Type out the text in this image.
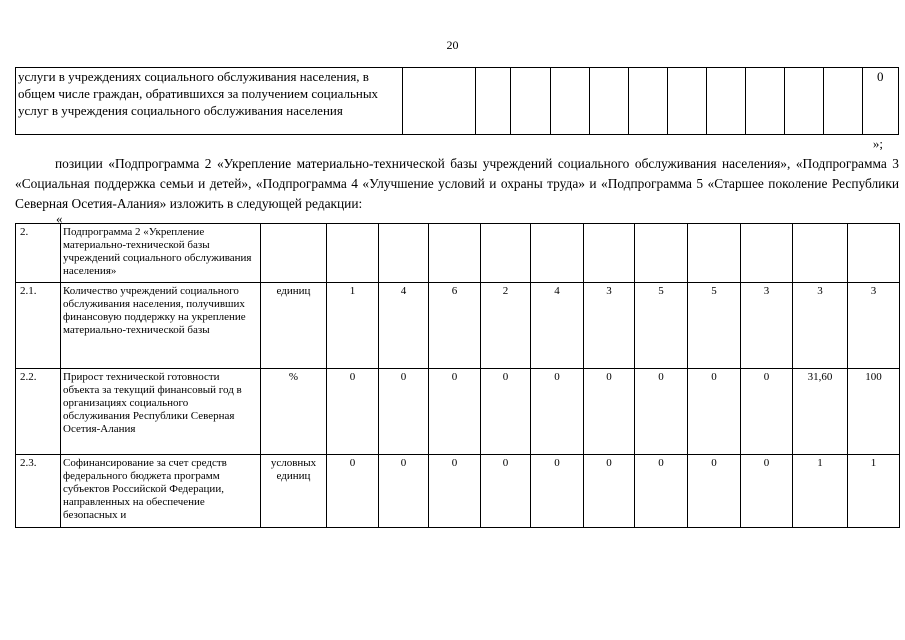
20
услуги в учреждениях социального обслуживания населения, в общем числе граждан, обратившихся за получением социальных услуг в учреждения социального обслуживания населения												0
»;
позиции «Подпрограмма 2 «Укрепление материально-технической базы учреждений социального обслуживания населения», «Подпрограмма 3 «Социальная поддержка семьи и детей», «Подпрограмма 4 «Улучшение условий и охраны труда» и «Подпрограмма 5 «Старшее поколение Республики Северная Осетия-Алания» изложить в следующей редакции:
«
2.	Подпрограмма 2 «Укрепление материально-технической базы учреждений социального обслуживания населения»												
2.1.	Количество учреждений социального обслуживания населения, получивших финансовую поддержку на укрепление материально-технической базы	единиц	1	4	6	2	4	3	5	5	3	3	3
2.2.	Прирост технической готовности объекта за текущий финансовый год в организациях социального обслуживания Республики Северная Осетия-Алания	%	0	0	0	0	0	0	0	0	0	31,60	100
2.3.	Софинансирование за счет средств федерального бюджета программ субъектов Российской Федерации, направленных на обеспечение безопасных и	условных единиц	0	0	0	0	0	0	0	0	0	1	1
